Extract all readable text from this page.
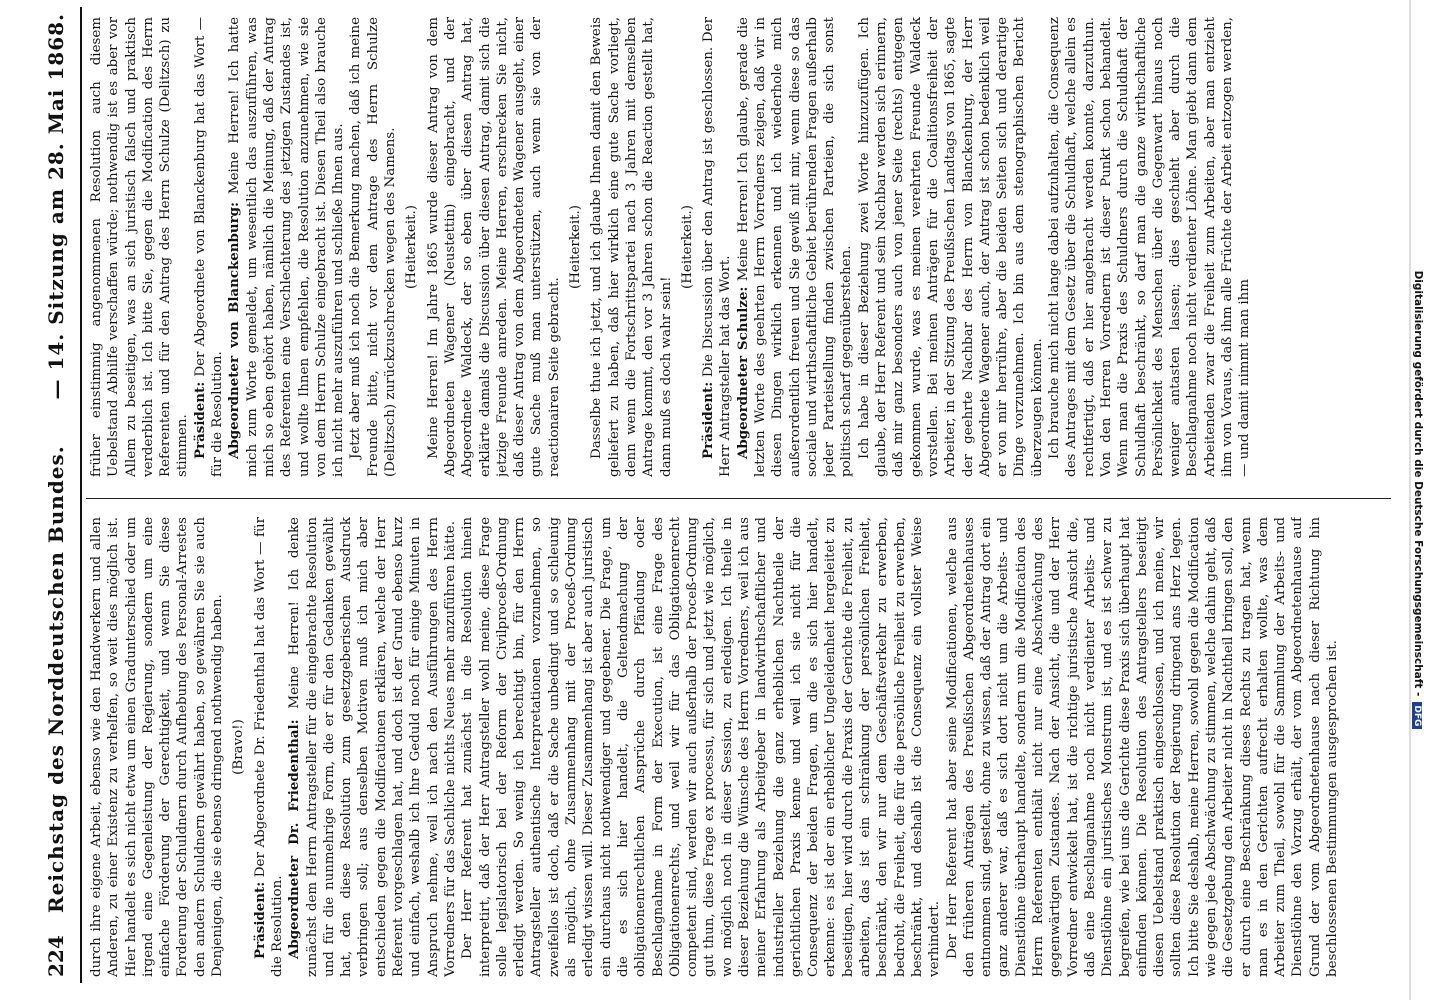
224
Reichstag des Norddeutschen Bundes.
— 14. Sitzung am 28. Mai 1868.

durch ihre eigene Arbeit, ebenso wie den Handwerkern und allen Anderen, zu einer Existenz zu verhelfen, so weit dies möglich ist. Hier handelt es sich nicht etwa um einen Gradunterschied oder um irgend eine Gegenleistung der Regierung, sondern um eine einfache Förderung der Gerechtigkeit, und wenn Sie diese Forderung der Schuldnern durch Aufhebung des Personal-Arrestes den andern Schuldnern gewährt haben, so gewähren Sie sie auch Denjenigen, die sie ebenso dringend nothwendig haben. (Bravo!)

Präsident: Der Abgeordnete Dr. Friedenthal hat das Wort — für die Resolution. Abgeordneter Dr. Friedenthal: Meine Herren! Ich denke zunächst dem Herrn Antragsteller für die eingebrachte Resolution und für die nunmehrige Form, die er für den Gedanken gewählt hat, den diese Resolution zum gesetzgeberischen Ausdruck verbringen soll; aus denselben Motiven muß ich mich aber entschieden gegen die Modificationen erklären, welche der Herr Referent vorgeschlagen hat, und doch ist der Grund ebenso kurz und einfach, weshalb ich Ihre Geduld noch für einige Minuten in Anspruch nehme, weil ich nach den Ausführungen des Herrn Vorredners für das Sachliche nichts Neues mehr anzuführen hätte. Der Herr Referent hat zunächst in die Resolution hinein interpretirt, daß der Herr Antragsteller wohl meine, diese Frage solle legislatorisch bei der Reform der Civilproceß-Ordnung erledigt werden. So wenig ich berechtigt bin, für den Herrn Antragsteller authentische Interpretationen vorzunehmen, so zweifellos ist doch, daß er die Sache unbedingt und so schleunig als möglich, ohne Zusammenhang mit der Proceß-Ordnung erledigt wissen will. Dieser Zusammenhang ist aber auch juristisch ein durchaus nicht nothwendiger und gegebener. Die Frage, um die es sich hier handelt, die Geltendmachung der obligationenrechtlichen Ansprüche durch Pfändung oder Beschlagnahme in Form der Execution, ist eine Frage des Obligationenrechts, und weil wir für das Obligationenrecht competent sind, werden wir auch außerhalb der Proceß-Ordnung gut thun, diese Frage ex processu, für sich und jetzt wie möglich, wo möglich noch in dieser Session, zu erledigen. Ich theile in dieser Beziehung die Wünsche des Herrn Vorredners, weil ich aus meiner Erfahrung als Arbeitgeber in landwirthschaftlicher und industrieller Beziehung die ganz erheblichen Nachtheile der gerichtlichen Praxis kenne und weil ich sie nicht für die Consequenz der beiden Fragen, um die es sich hier handelt, erkenne: es ist der ein erheblicher Ungeleidenheit hergeleitet zu beseitigen, hier wird durch die Praxis der Gerichte die Freiheit, zu arbeiten, das ist ein schränkung der persönlichen Freiheit, beschränkt, den wir nur dem Geschäftsverkehr zu erwerben, bedroht, die Freiheit, die für die persönliche Freiheit zu erwerben, beschränkt, und deshalb ist die Consequenz ein vollster Weise verhindert. Der Herr Referent hat aber seine Modificationen, welche aus den früheren Anträgen des Preußischen Abgeordnetenhauses entnommen sind, gestellt, ohne zu wissen, daß der Antrag dort ein ganz anderer war, daß es sich dort nicht um die Arbeits- und Dienstlöhne überhaupt handelte, sondern um die Modification des Herrn Referenten enthält nicht nur eine Abschwächung des gegenwärtigen Zustandes. Nach der Ansicht, die und der Herr Vorredner entwickelt hat, ist die richtige juristische Ansicht die, daß eine Beschlagnahme noch nicht verdienter Arbeits- und Dienstlöhne ein juristisches Monstrum ist, und es ist schwer zu begreifen, wie bei uns die Gerichte diese Praxis sich überhaupt hat einfinden können. Die Resolution des Antragstellers beseitigt diesen Uebelstand praktisch eingeschlossen, und ich meine, wir sollten diese Resolution der Regierung dringend ans Herz legen. Ich bitte Sie deshalb, meine Herren, sowohl gegen die Modification wie gegen jede Abschwächung zu stimmen, welche dahin geht, daß die Gesetzgebung den Arbeiter nicht in Nachtheil bringen soll, den er durch eine Beschränkung dieses Rechts zu tragen hat, wenn man es in den Gerichten aufrecht erhalten wollte, was dem Arbeiter zum Theil, sowohl für die Sammlung der Arbeits- und Dienstlöhne den Vorzug erhält, der vom Abgeordnetenhause auf Grund der vom Abgeordnetenhause nach dieser Richtung hin beschlossenen Bestimmungen ausgesprochen ist.

früher einstimmig angenommenen Resolution auch diesem Uebelstand Abhilfe verschaffen würde; nothwendig ist es aber vor Allem zu beseitigen, was an sich juristisch falsch und praktisch verderblich ist. Ich bitte Sie, gegen die Modification des Herrn Referenten und für den Antrag des Herrn Schulze (Delitzsch) zu stimmen. Präsident: Der Abgeordnete von Blanckenburg hat das Wort — für die Resolution. Abgeordneter von Blanckenburg: Meine Herren! Ich hatte mich zum Worte gemeldet, um wesentlich das auszuführen, was mich so eben gehört haben, nämlich die Meinung, daß der Antrag des Referenten eine Verschlechterung des jetzigen Zustandes ist, und wollte Ihnen empfehlen, die Resolution anzunehmen, wie sie von dem Herrn Schulze eingebracht ist. Diesen Theil also brauche ich nicht mehr auszuführen und schließe Ihnen aus. Jetzt aber muß ich noch die Bemerkung machen, daß ich meine Freunde bitte, nicht vor dem Antrage des Herrn Schulze (Delitzsch) zurückzuschrecken wegen des Namens. (Heiterkeit.) Meine Herren! Im Jahre 1865 wurde dieser Antrag von dem Abgeordneten Wagener (Neustettin) eingebracht, und der Abgeordnete Waldeck, der so eben über diesen Antrag hat, erklärte damals die Discussion über diesen Antrag, damit sich die jetzige Freunde anreden. Meine Herren, erschrecken Sie nicht, daß dieser Antrag von dem Abgeordneten Wagener ausgeht, einer gute Sache muß man unterstützen, auch wenn sie von der reactionairen Seite gebracht.

(Heiterkeit.) Dasselbe thue ich jetzt, und ich glaube Ihnen damit den Beweis geliefert zu haben, daß hier wirklich eine gute Sache vorliegt, denn wenn die Fortschrittspartei nach 3 Jahren mit demselben Antrage kommt, den vor 3 Jahren schon die Reaction gestellt hat, dann muß es doch wahr sein!

(Heiterkeit.)

Präsident: Die Discussion über den Antrag ist geschlossen. Der Herr Antragsteller hat das Wort. Abgeordneter Schulze: Meine Herren! Ich glaube, gerade die letzten Worte des geehrten Herrn Vorredners zeigen, daß wir in diesen Dingen wirklich erkennen und ich wiederhole mich außerordentlich freuen und Sie gewiß mit mir, wenn diese so das sociale und wirthschaftliche Gebiet berührenden Fragen außerhalb jeder Parteistellung finden zwischen Parteien, die sich sonst politisch scharf gegenüberstehen. Ich habe in dieser Beziehung zwei Worte hinzuzufügen. Ich glaube, der Herr Referent und sein Nachbar werden sich erinnern, daß mir ganz besonders auch von jener Seite (rechts) entgegen gekommen wurde, was es meinen verehrten Freunde Waldeck vorstellen. Bei meinen Anträgen für die Coalitionsfreiheit der Arbeiter, in der Sitzung des Preußischen Landtags von 1865, sagte der geehrte Nachbar des Herrn von Blanckenburg, der Herr Abgeordnete Wagener auch, der Antrag ist schon bedenklich weil er von mir herrühre, aber die beiden Seiten sich und derartige Dinge vorzunehmen. Ich bin aus dem stenographischen Bericht überzeugen können. Ich brauche mich nicht lange dabei aufzuhalten, die Consequenz des Antrages mit dem Gesetz über die Schuldhaft, welche allein es rechtfertigt, daß er hier angebracht werden konnte, darzuthun. Von den Herren Vorrednern ist dieser Punkt schon behandelt. Wenn man die Praxis des Schuldners durch die Schuldhaft der Schuldhaft beschränkt, so darf man die ganze wirthschaftliche Persönlichkeit des Menschen über die Gegenwart hinaus noch weniger antasten lassen; dies geschieht aber durch die Beschlagnahme noch nicht verdienter Löhne. Man giebt dann dem Arbeitenden zwar die Freiheit zum Arbeiten, aber man entzieht ihm von Voraus, daß ihm alle Früchte der Arbeit entzogen werden, — und damit nimmt man ihm	Digitalisierung gefördert durch die Deutsche Forschungsgemeinschaft -DFG
